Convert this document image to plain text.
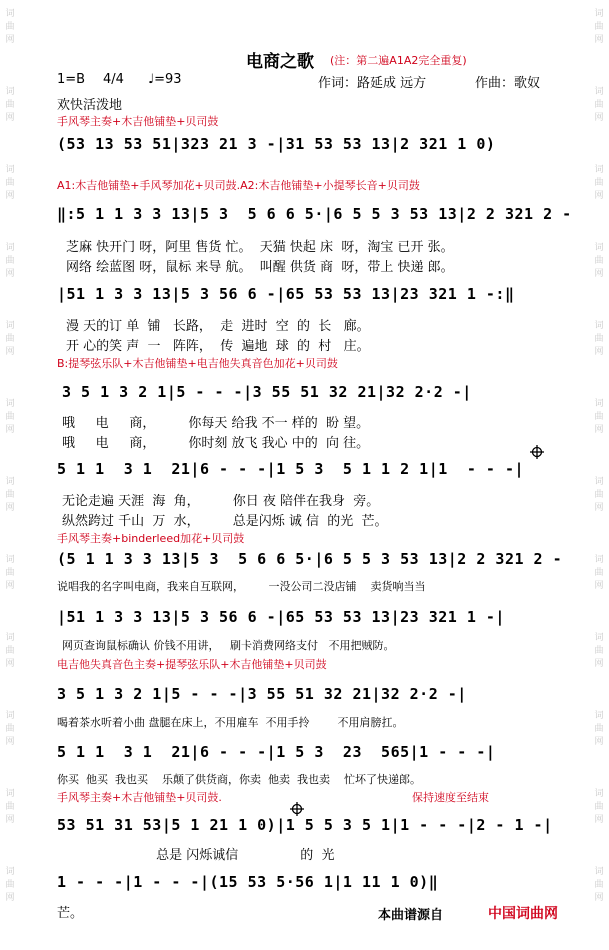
词
曲
网
词
曲
网
词
曲
网
词
曲
网
词
曲
网
词
曲
网
词
曲
网
词
曲
网
词
曲
网
词
曲
网
词
曲
网
词
曲
网
词
曲
网
词
曲
网
词
曲
网
词
曲
网
词
曲
网
词
曲
网
词
曲
网
词
曲
网
词
曲
网
词
曲
网
词
曲
网
词
曲
网
电商之歌 (注：第二遍A1A2完全重复)
1=B 4/4 ♩=93	作词：路延成 远方	作曲：歌奴
欢快活泼地
手风琴主奏+木吉他铺垫+贝司鼓
(53 13 53 51|323 21 3 -|31 53 53 13|2 321 1 0)
A1:木吉他铺垫+手风琴加花+贝司鼓.A2:木吉他铺垫+小提琴长音+贝司鼓
‖:5 1 1 3 3 13|5 3  5 6 6 5·|6 5 5 3 53 13|2 2 321 2 -
芝麻 快开门 呀，阿里 售货 忙。  天猫 快起 床  呀，淘宝 已开 张。
网络 绘蓝图 呀，鼠标 来导 航。  叫醒 供货 商  呀，带上 快递 郎。
|51 1 3 3 13|5 3 56 6 -|65 53 53 13|23 321 1 -:‖
漫 天的订 单  铺   长路，  走  进时  空  的  长   廊。
开 心的笑 声  一   阵阵，  传  遍地  球  的  村   庄。
B:提琴弦乐队+木吉他铺垫+电吉他失真音色加花+贝司鼓
3 5 1 3 2 1|5 - - -|3 55 51 32 21|32 2·2 -|
哦     电     商，        你每天 给我 不一 样的  盼 望。
哦     电     商，        你时刻 放飞 我心 中的  向 往。
5 1 1  3 1  21|6 - - -|1 5 3  5 1 1 2 1|1  - - -|
无论走遍 天涯  海  角，        你日 夜 陪伴在我身  旁。
纵然跨过 千山  万  水，        总是闪烁 诚 信  的光  芒。
手风琴主奏+binderleed加花+贝司鼓
(5 1 1 3 3 13|5 3  5 6 6 5·|6 5 5 3 53 13|2 2 321 2 -
说唱我的名字叫电商，我来自互联网，       一没公司二没店铺    卖货响当当
|51 1 3 3 13|5 3 56 6 -|65 53 53 13|23 321 1 -|
网页查询鼠标确认 价钱不用讲，   刷卡消费网络支付   不用把贼防。
电吉他失真音色主奏+提琴弦乐队+木吉他铺垫+贝司鼓
3 5 1 3 2 1|5 - - -|3 55 51 32 21|32 2·2 -|
喝着茶水听着小曲 盘腿在床上，不用雇车  不用手拎        不用肩膀扛。
5 1 1  3 1  21|6 - - -|1 5 3  23  565|1 - - -|
你买  他买  我也买    乐颠了供货商，你卖  他卖  我也卖    忙坏了快递郎。
手风琴主奏+木吉他铺垫+贝司鼓.
53 51 31 53|5 1 21 1 0)|1 5 5 3 5 1|1 - - -|2 - 1 -|
总是 闪烁诚信               的  光
1 - - -|1 - - -|(15 53 5·56 1|1 11 1 0)‖
芒。
保持速度至结束
本曲谱源自	中国词曲网
